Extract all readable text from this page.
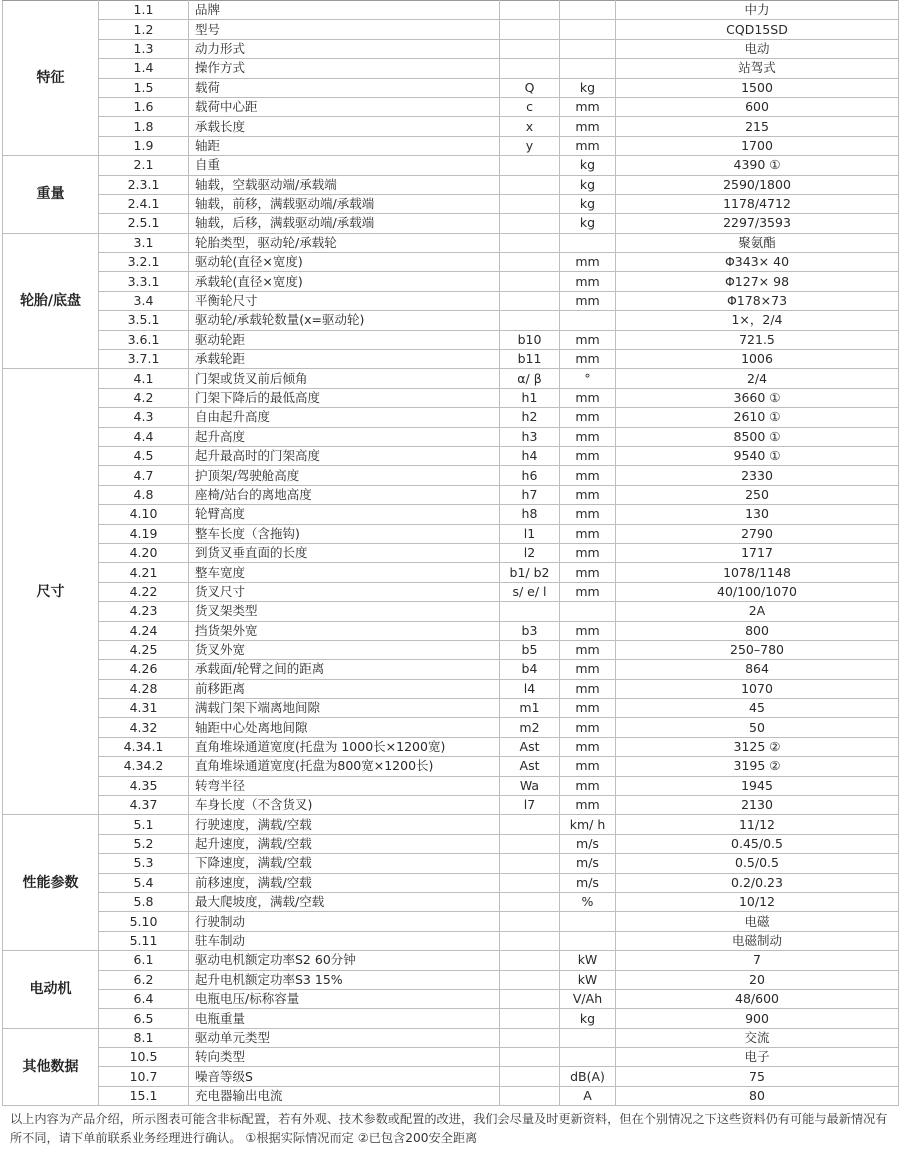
特征	1.1	品牌			中力
	1.2	型号			CQD15SD
	1.3	动力形式			电动
	1.4	操作方式			站驾式
	1.5	载荷	Q	kg	1500
	1.6	载荷中心距	c	mm	600
	1.8	承载长度	x	mm	215
	1.9	轴距	y	mm	1700
重量	2.1	自重		kg	4390 ①
	2.3.1	轴载，空载驱动端/承载端		kg	2590/1800
	2.4.1	轴载，前移，满载驱动端/承载端		kg	1178/4712
	2.5.1	轴载，后移，满载驱动端/承载端		kg	2297/3593
轮胎/底盘	3.1	轮胎类型，驱动轮/承载轮			聚氨酯
	3.2.1	驱动轮(直径×宽度)		mm	Φ343× 40
	3.3.1	承载轮(直径×宽度)		mm	Φ127× 98
	3.4	平衡轮尺寸		mm	Φ178×73
	3.5.1	驱动轮/承载轮数量(x=驱动轮)			1×，2/4
	3.6.1	驱动轮距	b10	mm	721.5
	3.7.1	承载轮距	b11	mm	1006
尺寸	4.1	门架或货叉前后倾角	α/ β	°	2/4
	4.2	门架下降后的最低高度	h1	mm	3660 ①
	4.3	自由起升高度	h2	mm	2610 ①
	4.4	起升高度	h3	mm	8500 ①
	4.5	起升最高时的门架高度	h4	mm	9540 ①
	4.7	护顶架/驾驶舱高度	h6	mm	2330
	4.8	座椅/站台的离地高度	h7	mm	250
	4.10	轮臂高度	h8	mm	130
	4.19	整车长度（含拖钩)	l1	mm	2790
	4.20	到货叉垂直面的长度	l2	mm	1717
	4.21	整车宽度	b1/ b2	mm	1078/1148
	4.22	货叉尺寸	s/ e/ l	mm	40/100/1070
	4.23	货叉架类型			2A
	4.24	挡货架外宽	b3	mm	800
	4.25	货叉外宽	b5	mm	250–780
	4.26	承载面/轮臂之间的距离	b4	mm	864
	4.28	前移距离	l4	mm	1070
	4.31	满载门架下端离地间隙	m1	mm	45
	4.32	轴距中心处离地间隙	m2	mm	50
	4.34.1	直角堆垛通道宽度(托盘为 1000长×1200宽)	Ast	mm	3125 ②
	4.34.2	直角堆垛通道宽度(托盘为800宽×1200长)	Ast	mm	3195 ②
	4.35	转弯半径	Wa	mm	1945
	4.37	车身长度（不含货叉)	l7	mm	2130
性能参数	5.1	行驶速度，满载/空载		km/ h	11/12
	5.2	起升速度，满载/空载		m/s	0.45/0.5
	5.3	下降速度，满载/空载		m/s	0.5/0.5
	5.4	前移速度，满载/空载		m/s	0.2/0.23
	5.8	最大爬坡度，满载/空载		%	10/12
	5.10	行驶制动			电磁
	5.11	驻车制动			电磁制动
电动机	6.1	驱动电机额定功率S2 60分钟		kW	7
	6.2	起升电机额定功率S3 15%		kW	20
	6.4	电瓶电压/标称容量		V/Ah	48/600
	6.5	电瓶重量		kg	900
其他数据	8.1	驱动单元类型			交流
	10.5	转向类型			电子
	10.7	噪音等级S		dB(A)	75
	15.1	充电器输出电流		A	80
以上内容为产品介绍，所示图表可能含非标配置，若有外观、技术参数或配置的改进，我们会尽量及时更新资料，但在个别情况之下这些资料仍有可能与最新情况有所不同，请下单前联系业务经理进行确认。 ①根据实际情况而定 ②已包含200安全距离
